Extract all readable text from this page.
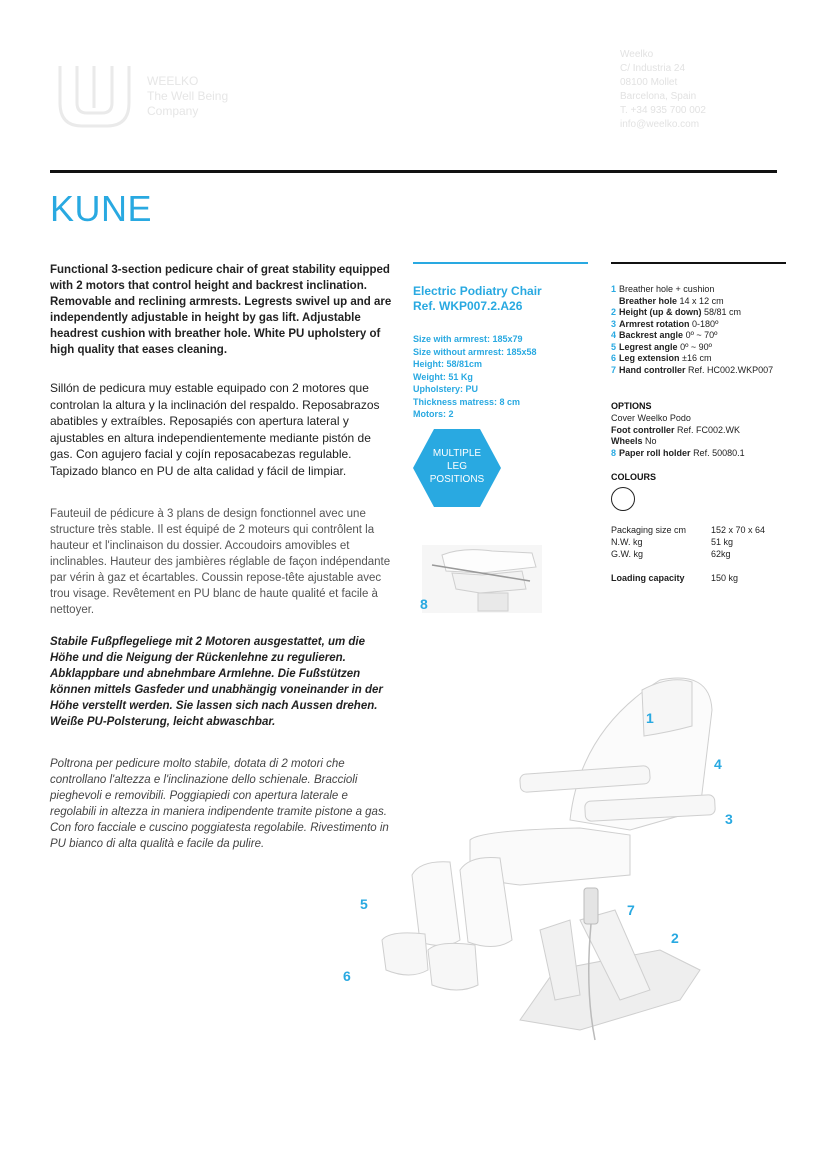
WEELKO
The Well Being
Company
Weelko
C/ Industria 24
08100 Mollet
Barcelona, Spain
T. +34 935 700 002
info@weelko.com
KUNE
Functional 3-section pedicure chair of great stability equipped with 2 motors that control height and backrest inclination. Removable and reclining armrests. Legrests swivel up and are independently adjustable in height by gas lift. Adjustable headrest cushion with breather hole. White PU upholstery of high quality that eases cleaning.
Sillón de pedicura muy estable equipado con 2 motores que controlan la altura y la inclinación del respaldo. Reposabrazos abatibles y extraíbles. Reposapiés con apertura lateral y ajustables en altura independientemente mediante pistón de gas. Con agujero facial y cojín reposacabezas regulable. Tapizado blanco en PU de alta calidad y fácil de limpiar.
Fauteuil de pédicure à 3 plans de design fonctionnel avec une structure très stable. Il est équipé de 2 moteurs qui contrôlent la hauteur et l'inclinaison du dossier. Accoudoirs amovibles et inclinables. Hauteur des jambières réglable de façon indépendante par vérin à gaz et écartables. Coussin repose-tête ajustable avec trou visage. Revêtement en PU blanc de haute qualité et facile à nettoyer.
Stabile Fußpflegeliege mit 2 Motoren ausgestattet, um die Höhe und die Neigung der Rückenlehne zu regulieren. Abklappbare und abnehmbare Armlehne. Die Fußstützen können mittels Gasfeder und unabhängig voneinander in der Höhe verstellt werden. Sie lassen sich nach Aussen drehen. Weiße PU-Polsterung, leicht abwaschbar.
Poltrona per pedicure molto stabile, dotata di 2 motori che controllano l'altezza e l'inclinazione dello schienale. Braccioli pieghevoli e removibili. Poggiapiedi con apertura laterale e regolabili in altezza in maniera indipendente tramite pistone a gas. Con foro facciale e cuscino poggiatesta regolabile. Rivestimento in PU bianco di alta qualità e facile da pulire.
Electric Podiatry Chair
Ref. WKP007.2.A26
Size with armrest: 185x79
Size without armrest: 185x58
Height: 58/81cm
Weight: 51 Kg
Upholstery: PU
Thickness matress: 8 cm
Motors: 2
MULTIPLE
LEG
POSITIONS
8
1 Breather hole + cushion
Breather hole 14 x 12 cm
2 Height (up & down) 58/81 cm
3 Armrest rotation 0-180º
4 Backrest angle 0º ~ 70º
5 Legrest angle 0º ~ 90º
6 Leg extension ±16 cm
7 Hand controller Ref. HC002.WKP007
OPTIONS
Cover Weelko Podo
Foot controller Ref. FC002.WK
Wheels No
8 Paper roll holder Ref. 50080.1
COLOURS
Packaging size cm	152 x 70 x 64
N.W. kg	51 kg
G.W. kg	62kg
Loading capacity	150 kg
1
4
3
5	7
2
6
